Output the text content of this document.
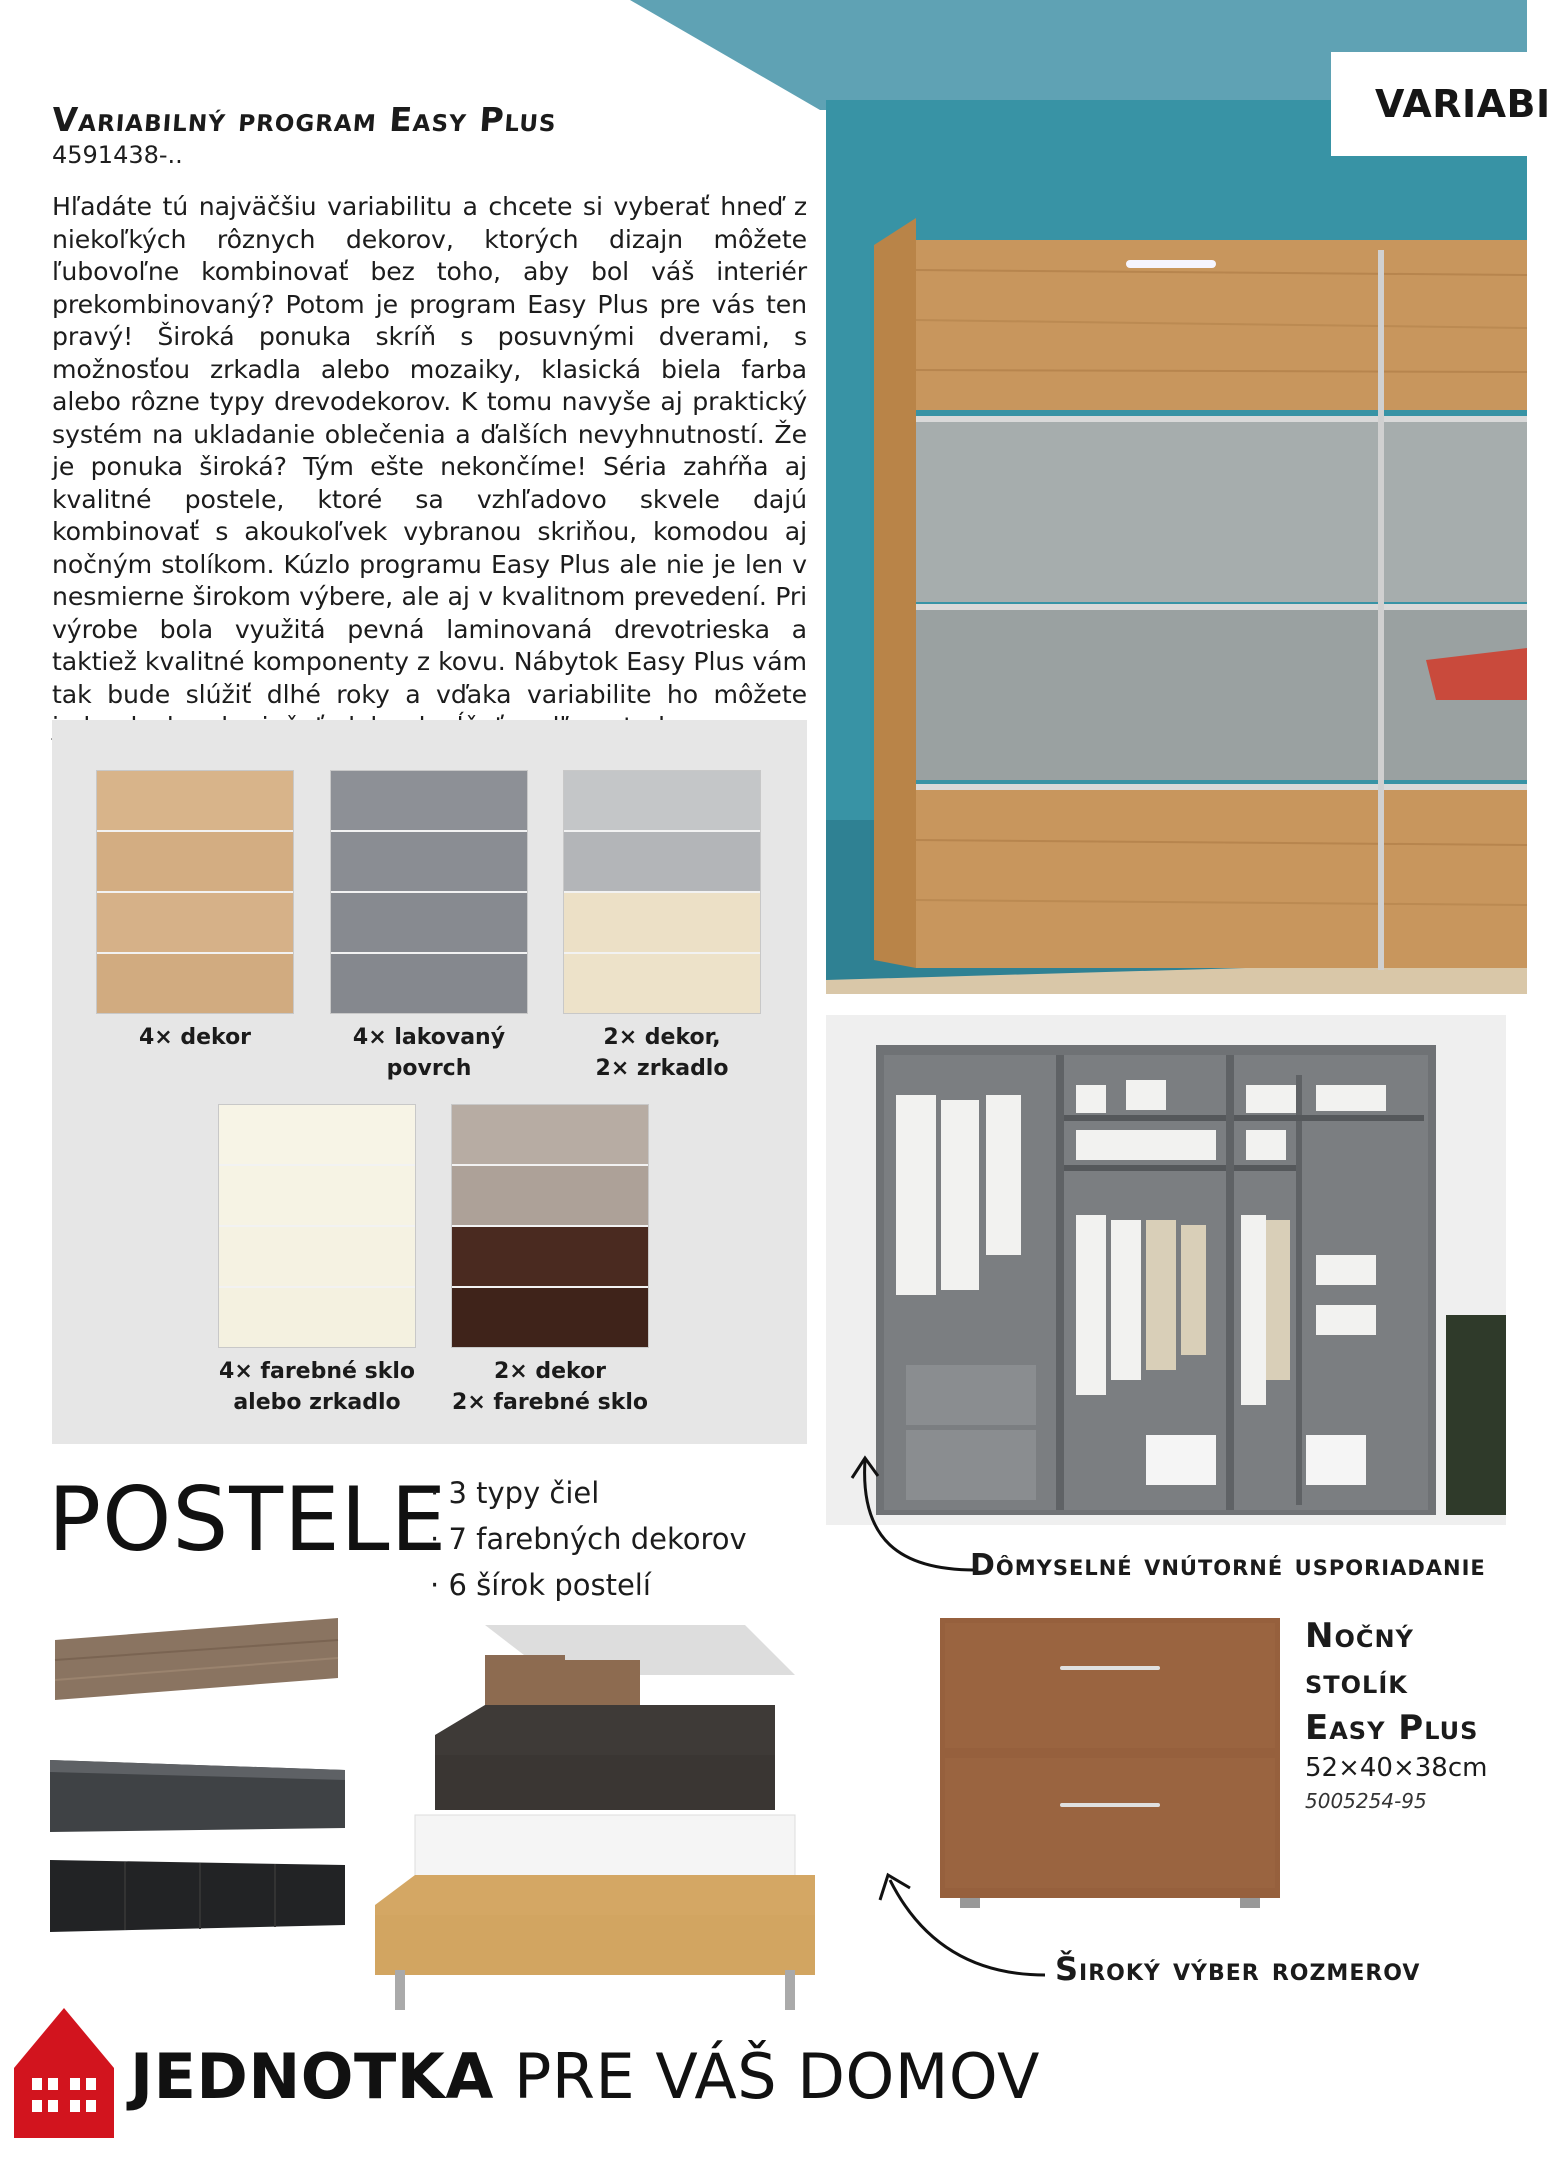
VARIABI
Variabilný program Easy Plus
4591438-..

Hľadáte tú najväčšiu variabilitu a chcete si vyberať hneď z niekoľkých rôznych dekorov, ktorých dizajn môžete ľubovoľne kombinovať bez toho, aby bol váš interiér prekombinovaný? Potom je program Easy Plus pre vás ten pravý! Široká ponuka skríň s posuvnými dverami, s možnosťou zrkadla alebo mozaiky, klasická biela farba alebo rôzne typy drevodekorov. K tomu navyše aj praktický systém na ukladanie oblečenia a ďalších nevyhnutností. Že je ponuka široká? Tým ešte nekončíme! Séria zahŕňa aj kvalitné postele, ktoré sa vzhľadovo skvele dajú kombinovať s akoukoľvek vybranou skriňou, komodou aj nočným stolíkom. Kúzlo programu Easy Plus ale nie je len v nesmierne širokom výbere, ale aj v kvalitnom prevedení. Pri výrobe bola využitá pevná laminovaná drevotrieska a taktiež kvalitné komponenty z kovu. Nábytok Easy Plus vám tak bude slúžiť dlhé roky a vďaka variabilite ho môžete

4× dekor	4× lakovaný
povrch
2× dekor,
2× zrkadlo
4× farebné sklo
alebo zrkadlo
2× dekor
2× farebné sklo
Dômyselné vnútorné usporiadanie
POSTELE
· 3 typy čiel
· 7 farebných dekorov
· 6 šírok postelí
Široký výber rozmerov
Nočný stolík
Easy Plus
52×40×38cm
5005254-95
JEDNOTKA PRE VÁŠ DOMOV
